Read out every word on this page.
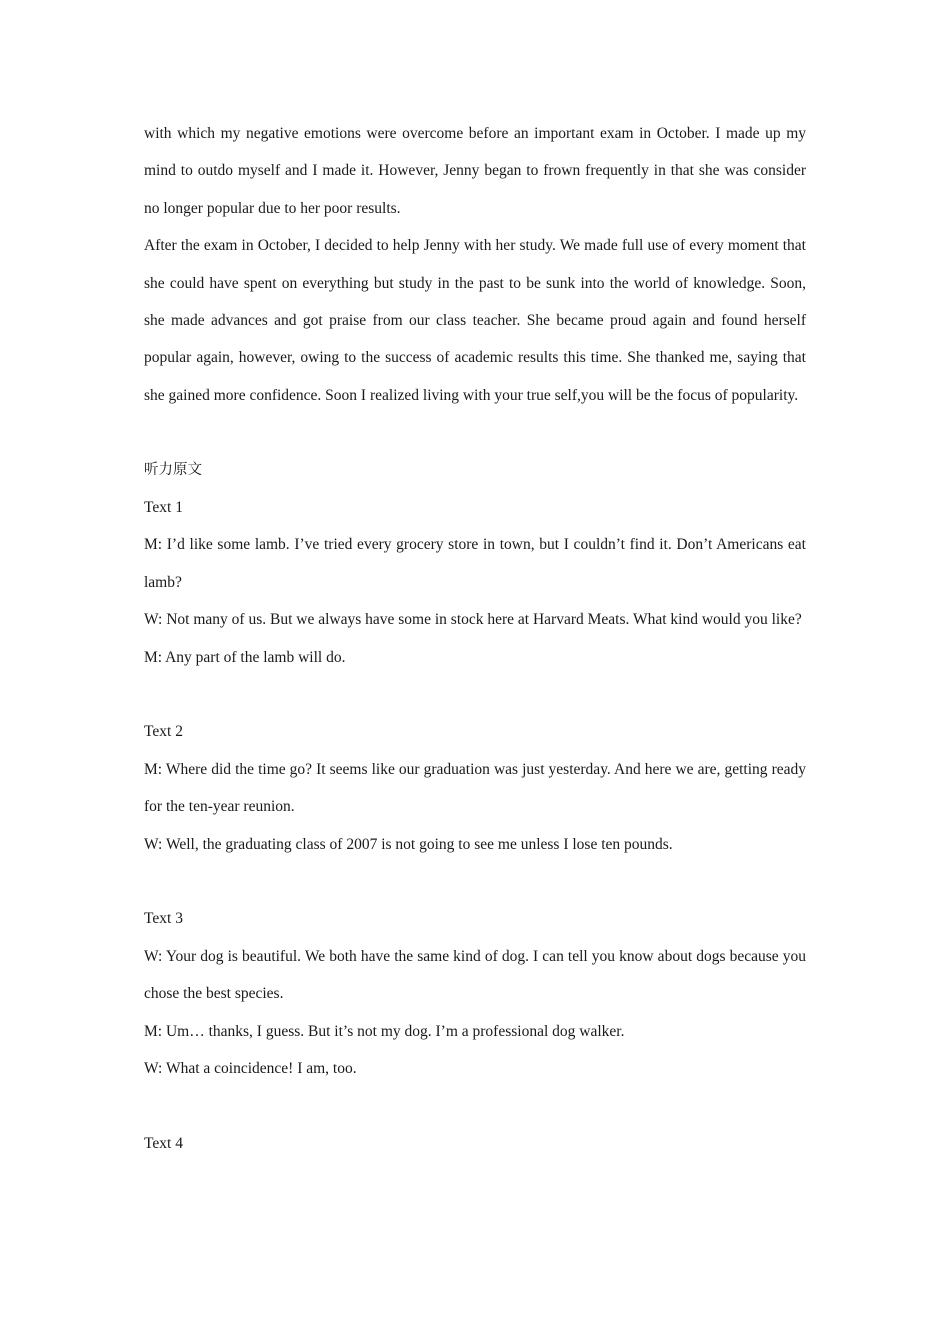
with which my negative emotions were overcome before an important exam in October. I made up my mind to outdo myself and I made it. However, Jenny began to frown frequently in that she was consider no longer popular due to her poor results.

After the exam in October, I decided to help Jenny with her study. We made full use of every moment that she could have spent on everything but study in the past to be sunk into the world of knowledge. Soon, she made advances and got praise from our class teacher. She became proud again and found herself popular again, however, owing to the success of academic results this time. She thanked me, saying that she gained more confidence. Soon I realized living with your true self,you will be the focus of popularity.

听力原文

Text 1

M: I’d like some lamb. I’ve tried every grocery store in town, but I couldn’t find it. Don’t Americans eat lamb?

W: Not many of us. But we always have some in stock here at Harvard Meats. What kind would you like?

M: Any part of the lamb will do.

Text 2

M: Where did the time go? It seems like our graduation was just yesterday. And here we are, getting ready for the ten-year reunion.

W: Well, the graduating class of 2007 is not going to see me unless I lose ten pounds.

Text 3

W: Your dog is beautiful. We both have the same kind of dog. I can tell you know about dogs because you chose the best species.

M: Um… thanks, I guess. But it’s not my dog. I’m a professional dog walker.

W: What a coincidence! I am, too.

Text 4
